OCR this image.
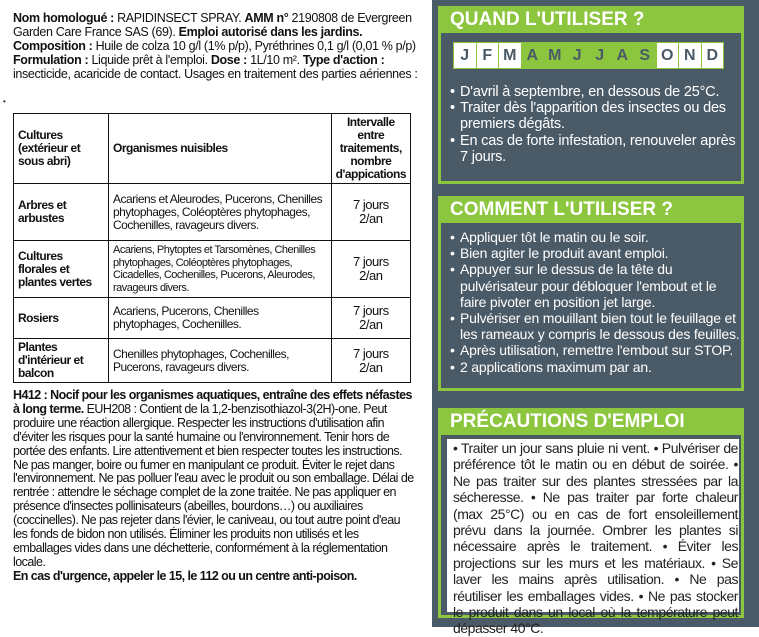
Nom homologué : RAPIDINSECT SPRAY. AMM n° 2190808 de Evergreen
Garden Care France SAS (69). Emploi autorisé dans les jardins.
Composition : Huile de colza 10 g/l (1% p/p), Pyréthrines 0,1 g/l (0,01 % p/p)
Formulation : Liquide prêt à l'emploi. Dose : 1L/10 m². Type d'action :
insecticide, acaricide de contact. Usages en traitement des parties aériennes :
•
Cultures (extérieur et sous abri)	Organismes nuisibles	Intervalle entre traitements, nombre d'appications
Arbres et arbustes	Acariens et Aleurodes, Pucerons, Chenilles phytophages, Coléoptères phytophages, Cochenilles, ravageurs divers.	7 jours
2/an

Cultures florales et plantes vertes	Acariens, Phytoptes et Tarsomènes, Chenilles phytophages, Coléoptères phytophages, Cicadelles, Cochenilles, Pucerons, Aleurodes, ravageurs divers.	7 jours
2/an

Rosiers	Acariens, Pucerons, Chenilles phytophages, Cochenilles.	7 jours
2/an

Plantes d'intérieur et balcon	Chenilles phytophages, Cochenilles, Pucerons, ravageurs divers.	7 jours
2/an
H412 : Nocif pour les organismes aquatiques, entraîne des effets néfastes à long terme. EUH208 : Contient de la 1,2-benzisothiazol-3(2H)-one. Peut produire une réaction allergique. Respecter les instructions d'utilisation afin d'éviter les risques pour la santé humaine ou l'environnement. Tenir hors de portée des enfants. Lire attentivement et bien respecter toutes les instructions. Ne pas manger, boire ou fumer en manipulant ce produit. Éviter le rejet dans l'environnement. Ne pas polluer l'eau avec le produit ou son emballage. Délai de rentrée : attendre le séchage complet de la zone traitée. Ne pas appliquer en présence d'insectes pollinisateurs (abeilles, bourdons…) ou auxiliaires (coccinelles). Ne pas rejeter dans l'évier, le caniveau, ou tout autre point d'eau les fonds de bidon non utilisés. Éliminer les produits non utilisés et les emballages vides dans une déchetterie, conformément à la réglementation locale.
En cas d'urgence, appeler le 15, le 112 ou un centre anti-poison.
QUAND L'UTILISER ?
J F M A M J J A S O N D
• D'avril à septembre, en dessous de 25°C.
• Traiter dès l'apparition des insectes ou des premiers dégâts.
• En cas de forte infestation, renouveler après 7 jours.
COMMENT L'UTILISER ?
• Appliquer tôt le matin ou le soir.
• Bien agiter le produit avant emploi.
• Appuyer sur le dessus de la tête du pulvérisateur pour débloquer l'embout et le faire pivoter en position jet large.
• Pulvériser en mouillant bien tout le feuillage et les rameaux y compris le dessous des feuilles.
• Après utilisation, remettre l'embout sur STOP.
• 2 applications maximum par an.
PRÉCAUTIONS D'EMPLOI
• Traiter un jour sans pluie ni vent. • Pulvériser de préférence tôt le matin ou en début de soirée. • Ne pas traiter sur des plantes stressées par la sécheresse. • Ne pas traiter par forte chaleur (max 25°C) ou en cas de fort ensoleillement prévu dans la journée. Ombrer les plantes si nécessaire après le traitement. • Éviter les projections sur les murs et les matériaux. • Se laver les mains après utilisation. • Ne pas réutiliser les emballages vides. • Ne pas stocker le produit dans un local où la température peut dépasser 40°C.
